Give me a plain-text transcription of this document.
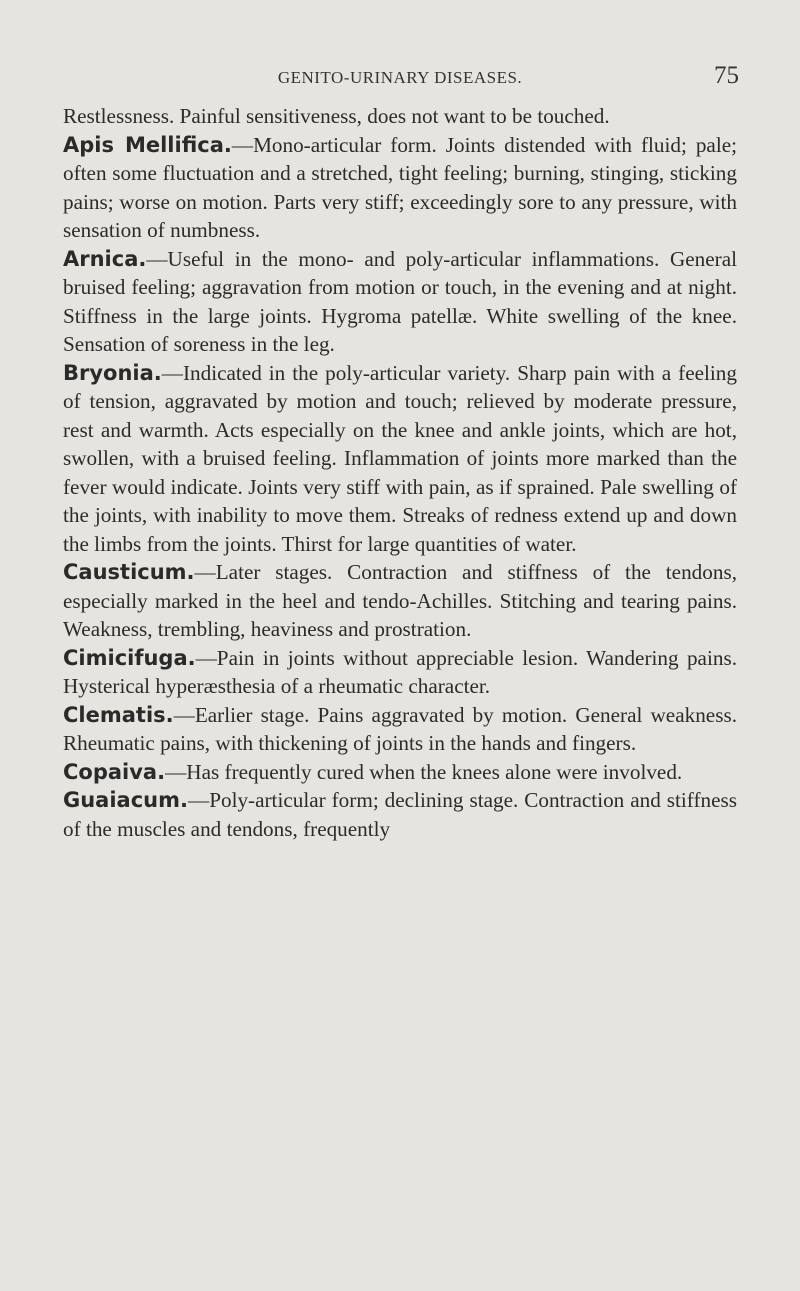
GENITO-URINARY DISEASES.	75

Restlessness. Painful sensitiveness, does not want to be touched.

Apis Mellifica.—Mono-articular form. Joints distended with fluid; pale; often some fluctuation and a stretched, tight feeling; burning, stinging, sticking pains; worse on motion. Parts very stiff; exceedingly sore to any pressure, with sensation of numbness.

Arnica.—Useful in the mono- and poly-articular inflammations. General bruised feeling; aggravation from motion or touch, in the evening and at night. Stiffness in the large joints. Hygroma patellæ. White swelling of the knee. Sensation of soreness in the leg.

Bryonia.—Indicated in the poly-articular variety. Sharp pain with a feeling of tension, aggravated by motion and touch; relieved by moderate pressure, rest and warmth. Acts especially on the knee and ankle joints, which are hot, swollen, with a bruised feeling. Inflammation of joints more marked than the fever would indicate. Joints very stiff with pain, as if sprained. Pale swelling of the joints, with inability to move them. Streaks of redness extend up and down the limbs from the joints. Thirst for large quantities of water.

Causticum.—Later stages. Contraction and stiffness of the tendons, especially marked in the heel and tendo-Achilles. Stitching and tearing pains. Weakness, trembling, heaviness and prostration.

Cimicifuga.—Pain in joints without appreciable lesion. Wandering pains. Hysterical hyperæsthesia of a rheumatic character.

Clematis.—Earlier stage. Pains aggravated by motion. General weakness. Rheumatic pains, with thickening of joints in the hands and fingers.

Copaiva.—Has frequently cured when the knees alone were involved.

Guaiacum.—Poly-articular form; declining stage. Contraction and stiffness of the muscles and tendons, frequently
